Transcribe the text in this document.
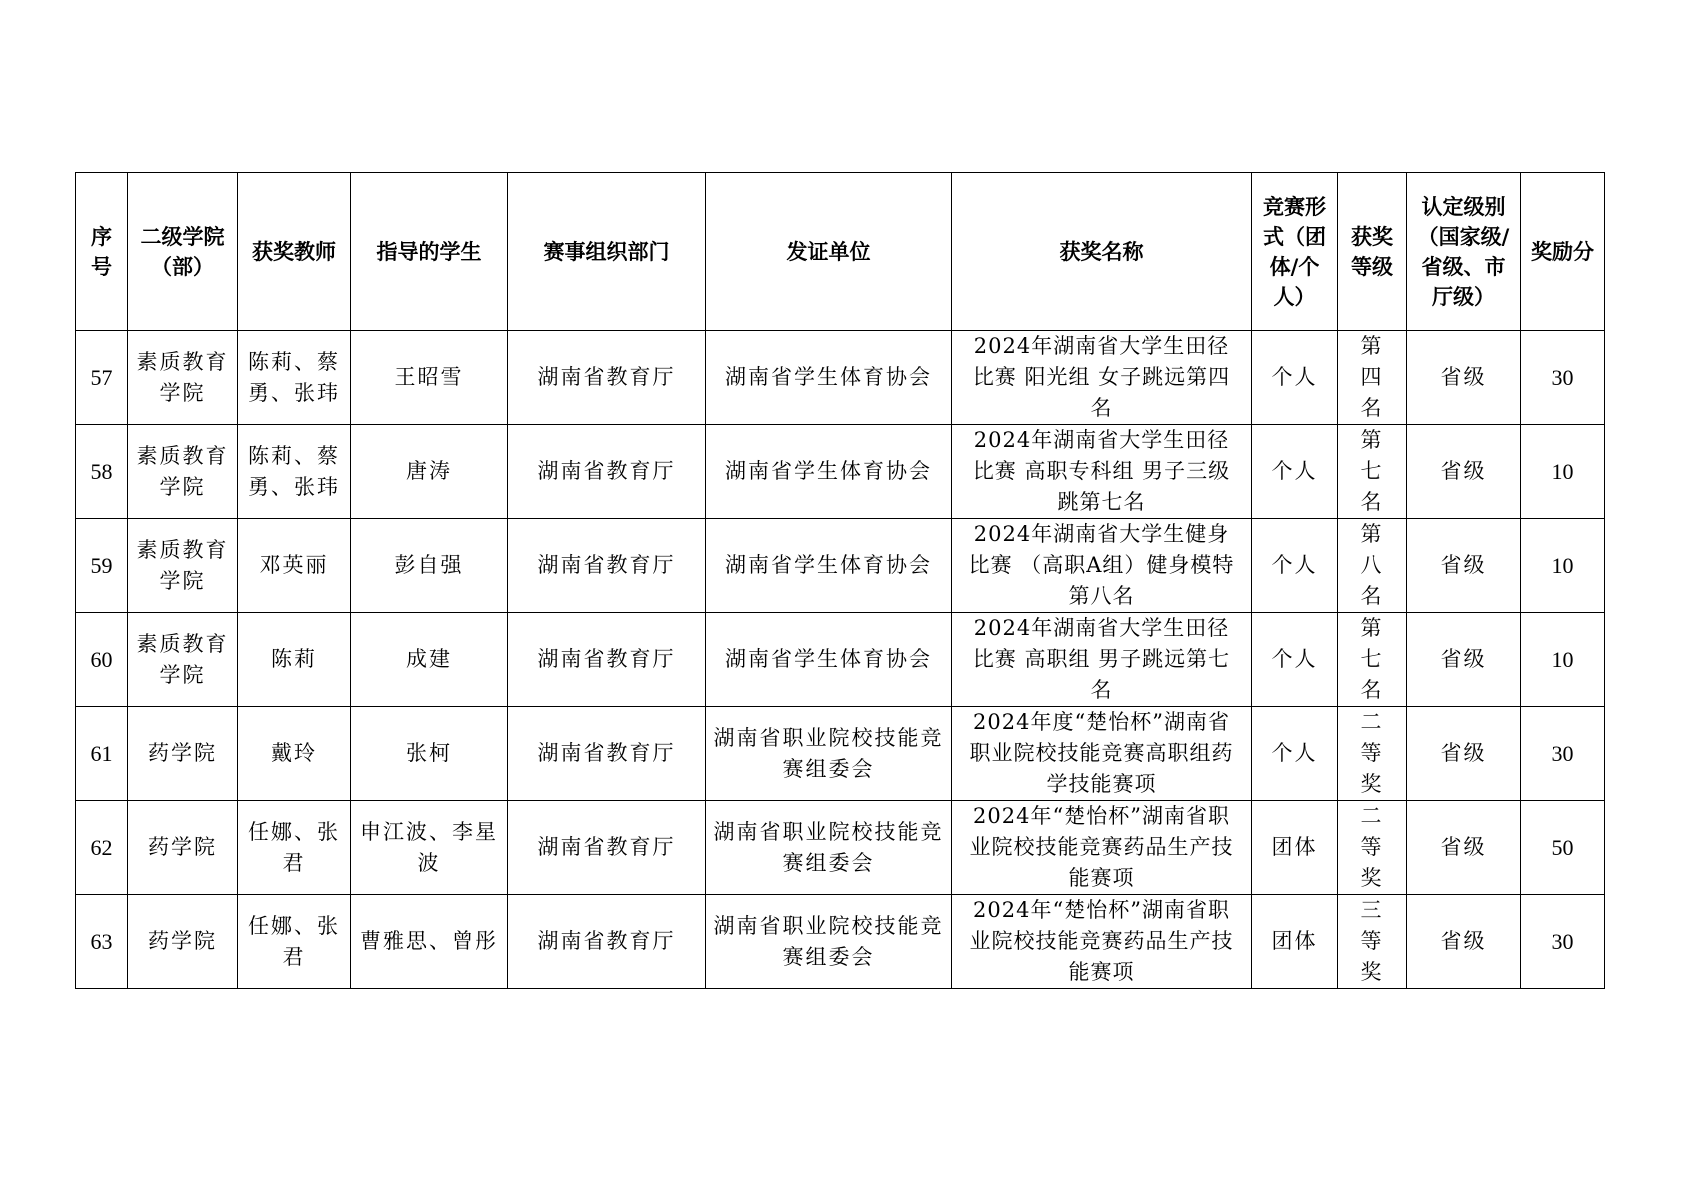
序号	二级学院（部）	获奖教师	指导的学生	赛事组织部门	发证单位	获奖名称	竞赛形式（团体/个人）	获奖等级	认定级别（国家级/省级、市厅级）	奖励分
57	素质教育学院	陈莉、蔡勇、张玮	王昭雪	湖南省教育厅	湖南省学生体育协会	2024年湖南省大学生田径比赛 阳光组 女子跳远第四名	个人	第四名	省级	30
58	素质教育学院	陈莉、蔡勇、张玮	唐涛	湖南省教育厅	湖南省学生体育协会	2024年湖南省大学生田径比赛 高职专科组 男子三级跳第七名	个人	第七名	省级	10
59	素质教育学院	邓英丽	彭自强	湖南省教育厅	湖南省学生体育协会	2024年湖南省大学生健身比赛 （高职A组）健身模特 第八名	个人	第八名	省级	10
60	素质教育学院	陈莉	成建	湖南省教育厅	湖南省学生体育协会	2024年湖南省大学生田径比赛 高职组 男子跳远第七名	个人	第七名	省级	10
61	药学院	戴玲	张柯	湖南省教育厅	湖南省职业院校技能竞赛组委会	2024年度“楚怡杯”湖南省职业院校技能竞赛高职组药学技能赛项	个人	二等奖	省级	30
62	药学院	任娜、张君	申江波、李星波	湖南省教育厅	湖南省职业院校技能竞赛组委会	2024年“楚怡杯”湖南省职业院校技能竞赛药品生产技能赛项	团体	二等奖	省级	50
63	药学院	任娜、张君	曹雅思、曾彤	湖南省教育厅	湖南省职业院校技能竞赛组委会	2024年“楚怡杯”湖南省职业院校技能竞赛药品生产技能赛项	团体	三等奖	省级	30
